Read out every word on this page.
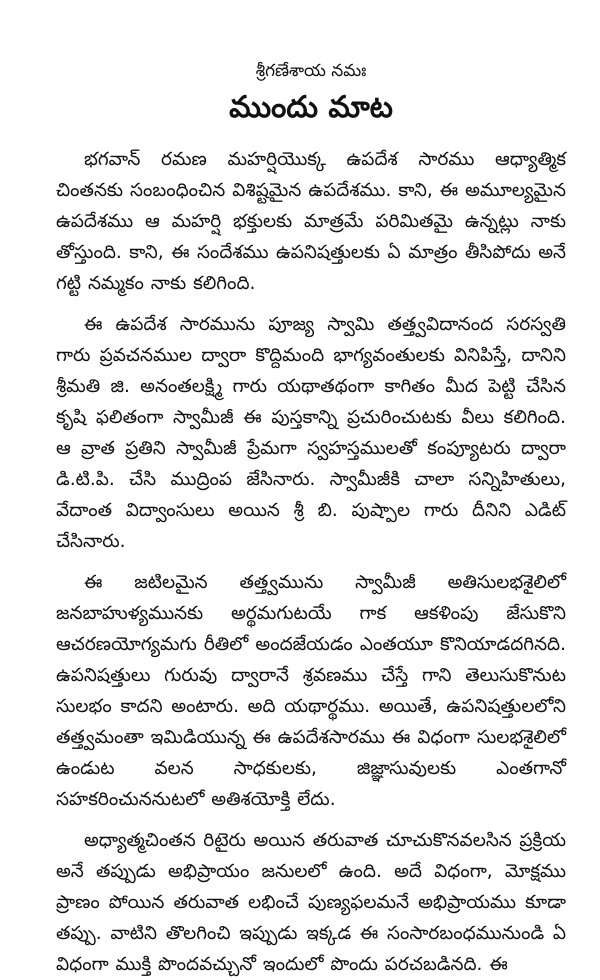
శ్రీగణేశాయ నమః
ముందు మాట

భగవాన్ రమణ మహర్షియొక్క ఉపదేశ సారము ఆధ్యాత్మిక చింతనకు సంబంధించిన విశిష్టమైన ఉపదేశము. కాని, ఈ అమూల్యమైన ఉపదేశము ఆ మహర్షి భక్తులకు మాత్రమే పరిమితమై ఉన్నట్లు నాకు తోస్తుంది. కాని, ఈ సందేశము ఉపనిషత్తులకు ఏ మాత్రం తీసిపోదు అనే గట్టి నమ్మకం నాకు కలిగింది.

ఈ ఉపదేశ సారమును పూజ్య స్వామి తత్త్వవిదానంద సరస్వతి గారు ప్రవచనముల ద్వారా కొద్దిమంది భాగ్యవంతులకు వినిపిస్తే, దానిని శ్రీమతి జి. అనంతలక్ష్మి గారు యథాతథంగా కాగితం మీద పెట్టి చేసిన కృషి ఫలితంగా స్వామీజీ ఈ పుస్తకాన్ని ప్రచురించుటకు వీలు కలిగింది. ఆ వ్రాత ప్రతిని స్వామీజీ ప్రేమగా స్వహస్తములతో కంప్యూటరు ద్వారా డి.టి.పి. చేసి ముద్రింప జేసినారు. స్వామీజీకి చాలా సన్నిహితులు, వేదాంత విద్వాంసులు అయిన శ్రీ బి. పుష్పాల గారు దీనిని ఎడిట్ చేసినారు.

ఈ జటిలమైన తత్త్వమును స్వామీజీ అతిసులభశైలిలో జనబాహుళ్యమునకు అర్థమగుటయే గాక ఆకళింపు జేసుకొని ఆచరణయోగ్యమగు రీతిలో అందజేయడం ఎంతయూ కొనియాడదగినది. ఉపనిషత్తులు గురువు ద్వారానే శ్రవణము చేస్తే గాని తెలుసుకొనుట సులభం కాదని అంటారు. అది యథార్థము. అయితే, ఉపనిషత్తులలోని తత్త్వమంతా ఇమిడియున్న ఈ ఉపదేశసారము ఈ విధంగా సులభశైలిలో ఉండుట వలన సాధకులకు, జిజ్ఞాసువులకు ఎంతగానో సహకరించుననుటలో అతిశయోక్తి లేదు.

అధ్యాత్మచింతన రిటైరు అయిన తరువాత చూచుకొనవలసిన ప్రక్రియ అనే తప్పుడు అభిప్రాయం జనులలో ఉంది. అదే విధంగా, మోక్షము ప్రాణం పోయిన తరువాత లభించే పుణ్యఫలమనే అభిప్రాయము కూడా తప్పు. వాటిని తొలగించి ఇప్పుడు ఇక్కడ ఈ సంసారబంధమునుండి ఏ విధంగా ముక్తి పొందవచ్చునో ఇందులో పొందు పరచబడినది. ఈ
